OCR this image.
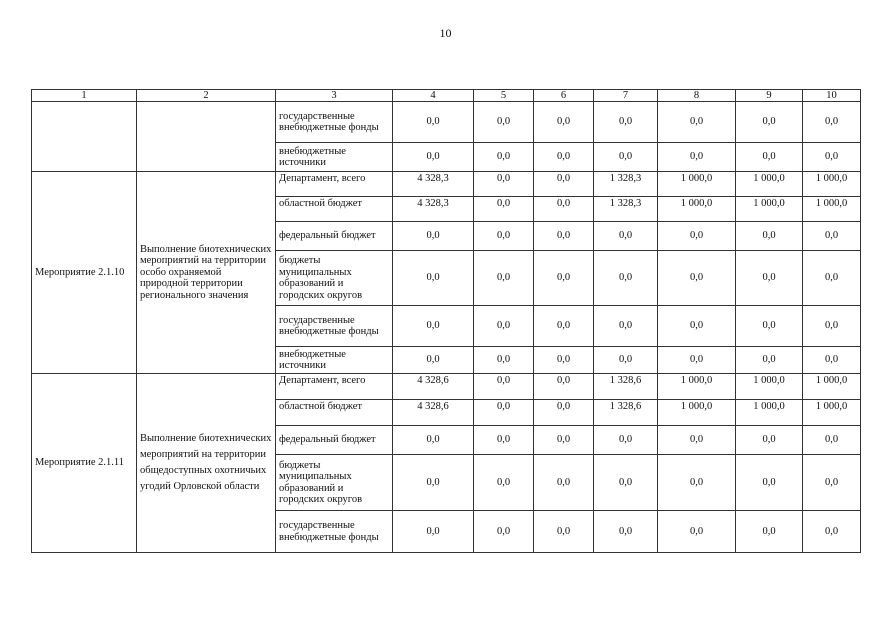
10
1	2	3	4	5	6	7	8	9	10
		государственные внебюджетные фонды	0,0	0,0	0,0	0,0	0,0	0,0	0,0
		внебюджетные источники	0,0	0,0	0,0	0,0	0,0	0,0	0,0
Мероприятие 2.1.10	Выполнение биотехнических мероприятий на территории особо охраняемой природной территории регионального значения	Департамент, всего	4 328,3	0,0	0,0	1 328,3	1 000,0	1 000,0	1 000,0
		областной бюджет	4 328,3	0,0	0,0	1 328,3	1 000,0	1 000,0	1 000,0
		федеральный бюджет	0,0	0,0	0,0	0,0	0,0	0,0	0,0
		бюджеты муниципальных образований и городских округов	0,0	0,0	0,0	0,0	0,0	0,0	0,0
		государственные внебюджетные фонды	0,0	0,0	0,0	0,0	0,0	0,0	0,0
		внебюджетные источники	0,0	0,0	0,0	0,0	0,0	0,0	0,0
Мероприятие 2.1.11	Выполнение биотехнических мероприятий на территории общедоступных охотничьих угодий Орловской области	Департамент, всего	4 328,6	0,0	0,0	1 328,6	1 000,0	1 000,0	1 000,0
		областной бюджет	4 328,6	0,0	0,0	1 328,6	1 000,0	1 000,0	1 000,0
		федеральный бюджет	0,0	0,0	0,0	0,0	0,0	0,0	0,0
		бюджеты муниципальных образований и городских округов	0,0	0,0	0,0	0,0	0,0	0,0	0,0
		государственные внебюджетные фонды	0,0	0,0	0,0	0,0	0,0	0,0	0,0
